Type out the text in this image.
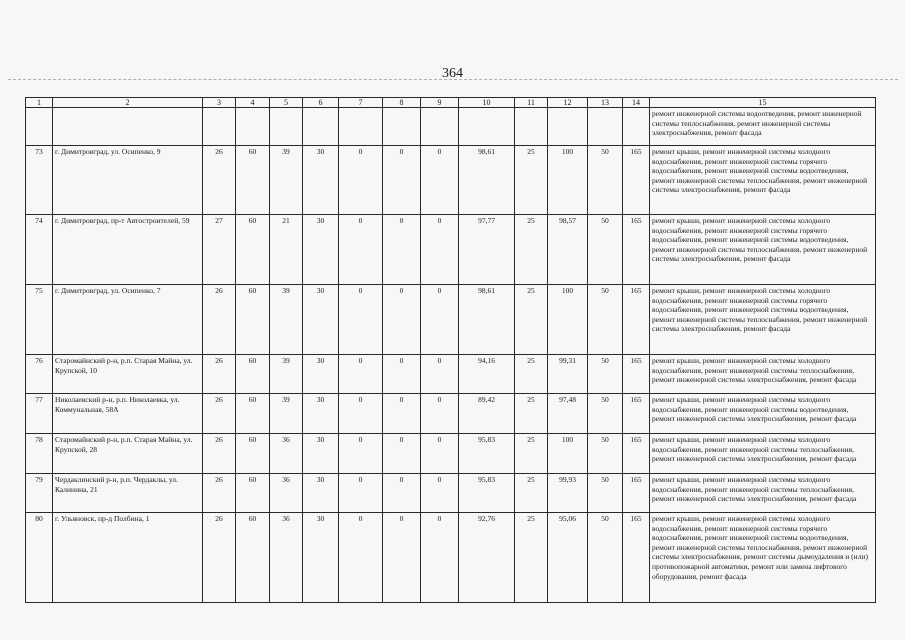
364
1	2	3	4	5	6	7	8	9	10	11	12	13	14	15
														ремонт инженерной системы водоотведения, ремонт инженерной системы теплоснабжения, ремонт инженерной системы электроснабжения, ремонт фасада
73	г. Димитровград, ул. Осипенко, 9	26	60	39	30	0	0	0	98,61	25	100	50	165	ремонт крыши, ремонт инженерной системы холодного водоснабжения, ремонт инженерной системы горячего водоснабжения, ремонт инженерной системы водоотведения, ремонт инженерной системы теплоснабжения, ремонт инженерной системы электроснабжения, ремонт фасада
74	г. Димитровград, пр-т Автостроителей, 59	27	60	21	30	0	0	0	97,77	25	98,57	50	165	ремонт крыши, ремонт инженерной системы холодного водоснабжения, ремонт инженерной системы горячего водоснабжения, ремонт инженерной системы водоотведения, ремонт инженерной системы теплоснабжения, ремонт инженерной системы электроснабжения, ремонт фасада
75	г. Димитровград, ул. Осипенко, 7	26	60	39	30	0	0	0	98,61	25	100	50	165	ремонт крыши, ремонт инженерной системы холодного водоснабжения, ремонт инженерной системы горячего водоснабжения, ремонт инженерной системы водоотведения, ремонт инженерной системы теплоснабжения, ремонт инженерной системы электроснабжения, ремонт фасада
76	Старомайнский р-н, р.п. Старая Майна, ул. Крупской, 10	26	60	39	30	0	0	0	94,16	25	99,31	50	165	ремонт крыши, ремонт инженерной системы холодного водоснабжения, ремонт инженерной системы теплоснабжения, ремонт инженерной системы электроснабжения, ремонт фасада
77	Николаевский р-н, р.п. Николаевка, ул. Коммунальная, 58А	26	60	39	30	0	0	0	89,42	25	97,48	50	165	ремонт крыши, ремонт инженерной системы холодного водоснабжения, ремонт инженерной системы водоотведения, ремонт инженерной системы электроснабжения, ремонт фасада
78	Старомайнский р-н, р.п. Старая Майна, ул. Крупской, 28	26	60	36	30	0	0	0	95,83	25	100	50	165	ремонт крыши, ремонт инженерной системы холодного водоснабжения, ремонт инженерной системы теплоснабжения, ремонт инженерной системы электроснабжения, ремонт фасада
79	Чердаклинский р-н, р.п. Чердаклы, ул. Калинина, 21	26	60	36	30	0	0	0	95,83	25	99,93	50	165	ремонт крыши, ремонт инженерной системы холодного водоснабжения, ремонт инженерной системы теплоснабжения, ремонт инженерной системы электроснабжения, ремонт фасада
80	г. Ульяновск, пр-д Полбина, 1	26	60	36	30	0	0	0	92,76	25	95,06	50	165	ремонт крыши, ремонт инженерной системы холодного водоснабжения, ремонт инженерной системы горячего водоснабжения, ремонт инженерной системы водоотведения, ремонт инженерной системы теплоснабжения, ремонт инженерной системы электроснабжения, ремонт системы дымоудаления и (или) противопожарной автоматики, ремонт или замена лифтового оборудования, ремонт фасада
